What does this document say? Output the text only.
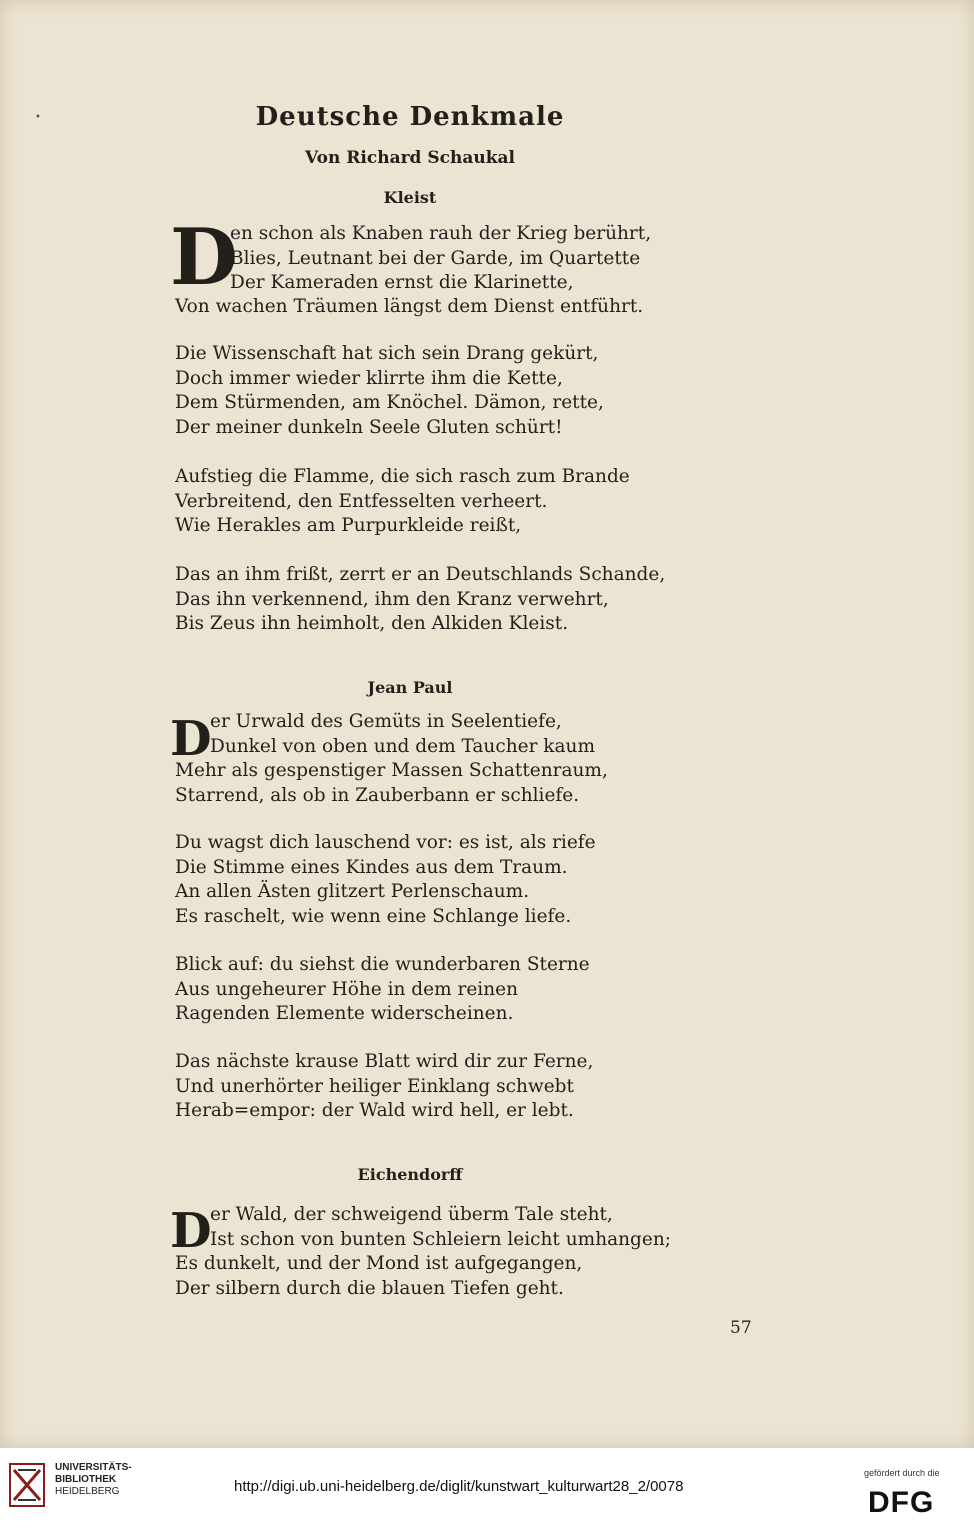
•	Deutsche Denkmale
Von Richard Schaukal
Kleist
D
en schon als Knaben rauh der Krieg berührt,
Blies, Leutnant bei der Garde, im Quartette
Der Kameraden ernst die Klarinette,
Von wachen Träumen längst dem Dienst entführt.
Die Wissenschaft hat sich sein Drang gekürt,
Doch immer wieder klirrte ihm die Kette,
Dem Stürmenden, am Knöchel. Dämon, rette,
Der meiner dunkeln Seele Gluten schürt!
Aufstieg die Flamme, die sich rasch zum Brande
Verbreitend, den Entfesselten verheert.
Wie Herakles am Purpurkleide reißt,
Das an ihm frißt, zerrt er an Deutschlands Schande,
Das ihn verkennend, ihm den Kranz verwehrt,
Bis Zeus ihn heimholt, den Alkiden Kleist.
Jean Paul
D
er Urwald des Gemüts in Seelentiefe,
Dunkel von oben und dem Taucher kaum
Mehr als gespenstiger Massen Schattenraum,
Starrend, als ob in Zauberbann er schliefe.
Du wagst dich lauschend vor: es ist, als riefe
Die Stimme eines Kindes aus dem Traum.
An allen Ästen glitzert Perlenschaum.
Es raschelt, wie wenn eine Schlange liefe.
Blick auf: du siehst die wunderbaren Sterne
Aus ungeheurer Höhe in dem reinen
Ragenden Elemente widerscheinen.
Das nächste krause Blatt wird dir zur Ferne,
Und unerhörter heiliger Einklang schwebt
Herab=empor: der Wald wird hell, er lebt.
Eichendorff
D
er Wald, der schweigend überm Tale steht,
Ist schon von bunten Schleiern leicht umhangen;
Es dunkelt, und der Mond ist aufgegangen,
Der silbern durch die blauen Tiefen geht.
57
UNIVERSITÄTS-
BIBLIOTHEK
HEIDELBERG	http://digi.ub.uni-heidelberg.de/diglit/kunstwart_kulturwart28_2/0078
gefördert durch die
DFG
